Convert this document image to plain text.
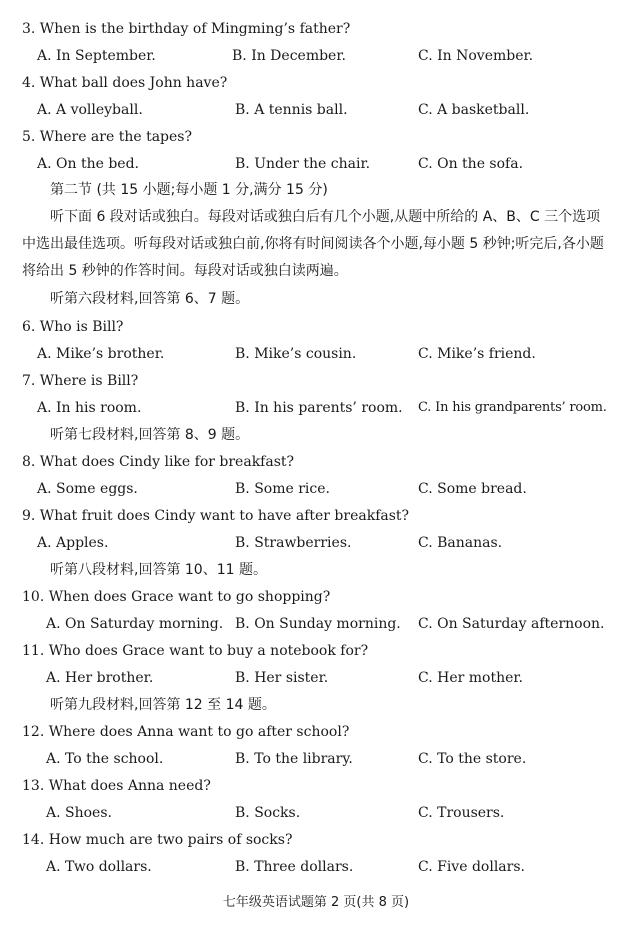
3. When is the birthday of Mingming’s father?
A. In September.	B. In December.	C. In November.
4. What ball does John have?
A. A volleyball.	B. A tennis ball.	C. A basketball.
5. Where are the tapes?
A. On the bed.	B. Under the chair.	C. On the sofa.
第二节 (共 15 小题;每小题 1 分,满分 15 分)
听下面 6 段对话或独白。每段对话或独白后有几个小题,从题中所给的 A、B、C 三个选项中选出最佳选项。听每段对话或独白前,你将有时间阅读各个小题,每小题 5 秒钟;听完后,各小题将给出 5 秒钟的作答时间。每段对话或独白读两遍。
听第六段材料,回答第 6、7 题。
6. Who is Bill?
A. Mike’s brother.	B. Mike’s cousin.	C. Mike’s friend.
7. Where is Bill?
A. In his room.	B. In his parents’ room. C. In his grandparents’ room.
听第七段材料,回答第 8、9 题。
8. What does Cindy like for breakfast?
A. Some eggs.	B. Some rice.	C. Some bread.
9. What fruit does Cindy want to have after breakfast?
A. Apples.	B. Strawberries.	C. Bananas.
听第八段材料,回答第 10、11 题。
10. When does Grace want to go shopping?
A. On Saturday morning. B. On Sunday morning. C. On Saturday afternoon.
11. Who does Grace want to buy a notebook for?
A. Her brother.	B. Her sister.	C. Her mother.
听第九段材料,回答第 12 至 14 题。
12. Where does Anna want to go after school?
A. To the school.	B. To the library.	C. To the store.
13. What does Anna need?
A. Shoes.	B. Socks.	C. Trousers.
14. How much are two pairs of socks?
A. Two dollars.	B. Three dollars.	C. Five dollars.
七年级英语试题第 2 页(共 8 页)
